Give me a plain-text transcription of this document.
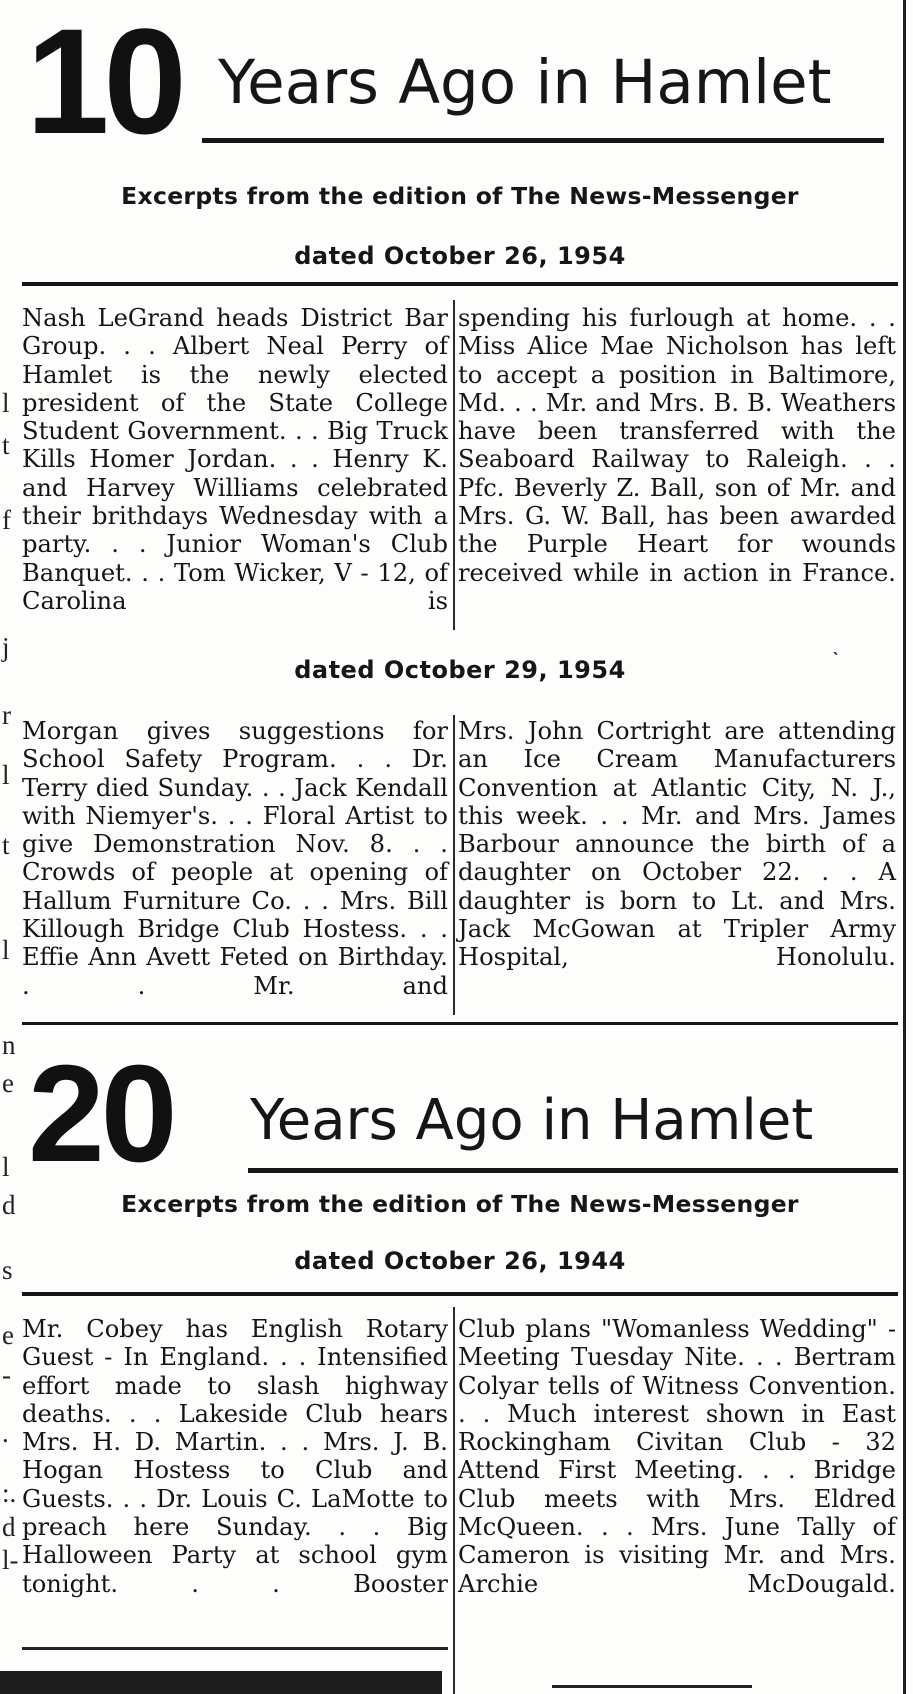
l
t
f
j
r
l
t
l
n
e
l
d
s
e
-
.
:.
d
l-
10 Years Ago in Hamlet
Excerpts from the edition of The News-Messenger
dated October 26, 1954

Nash LeGrand heads District Bar Group. . . Albert Neal Perry of Hamlet is the newly elected president of the State College Student Government. . . Big Truck Kills Homer Jordan. . . Henry K. and Harvey Williams celebrated their brithdays Wednesday with a party. . . Junior Woman's Club Banquet. . . Tom Wicker, V - 12, of Carolina is

spending his furlough at home. . . Miss Alice Mae Nicholson has left to accept a position in Baltimore, Md. . . Mr. and Mrs. B. B. Weathers have been transferred with the Seaboard Railway to Raleigh. . . Pfc. Beverly Z. Ball, son of Mr. and Mrs. G. W. Ball, has been awarded the Purple Heart for wounds received while in action in France.

ˋ
dated October 29, 1954

Morgan gives suggestions for School Safety Program. . . Dr. Terry died Sunday. . . Jack Kendall with Niemyer's. . . Floral Artist to give Demonstration Nov. 8. . . Crowds of people at opening of Hallum Furniture Co. . . Mrs. Bill Killough Bridge Club Hostess. . . Effie Ann Avett Feted on Birthday. . . Mr. and

Mrs. John Cortright are attending an Ice Cream Manufacturers Convention at Atlantic City, N. J., this week. . . Mr. and Mrs. James Barbour announce the birth of a daughter on October 22. . . A daughter is born to Lt. and Mrs. Jack McGowan at Tripler Army Hospital, Honolulu.

20 Years Ago in Hamlet
Excerpts from the edition of The News-Messenger
dated October 26, 1944

Mr. Cobey has English Rotary Guest - In England. . . Intensified effort made to slash highway deaths. . . Lakeside Club hears Mrs. H. D. Martin. . . Mrs. J. B. Hogan Hostess to Club and Guests. . . Dr. Louis C. LaMotte to preach here Sunday. . . Big Halloween Party at school gym tonight. . . Booster

Club plans "Womanless Wedding" - Meeting Tuesday Nite. . . Bertram Colyar tells of Witness Convention. . . Much interest shown in East Rockingham Civitan Club - 32 Attend First Meeting. . . Bridge Club meets with Mrs. Eldred McQueen. . . Mrs. June Tally of Cameron is visiting Mr. and Mrs. Archie McDougald.
